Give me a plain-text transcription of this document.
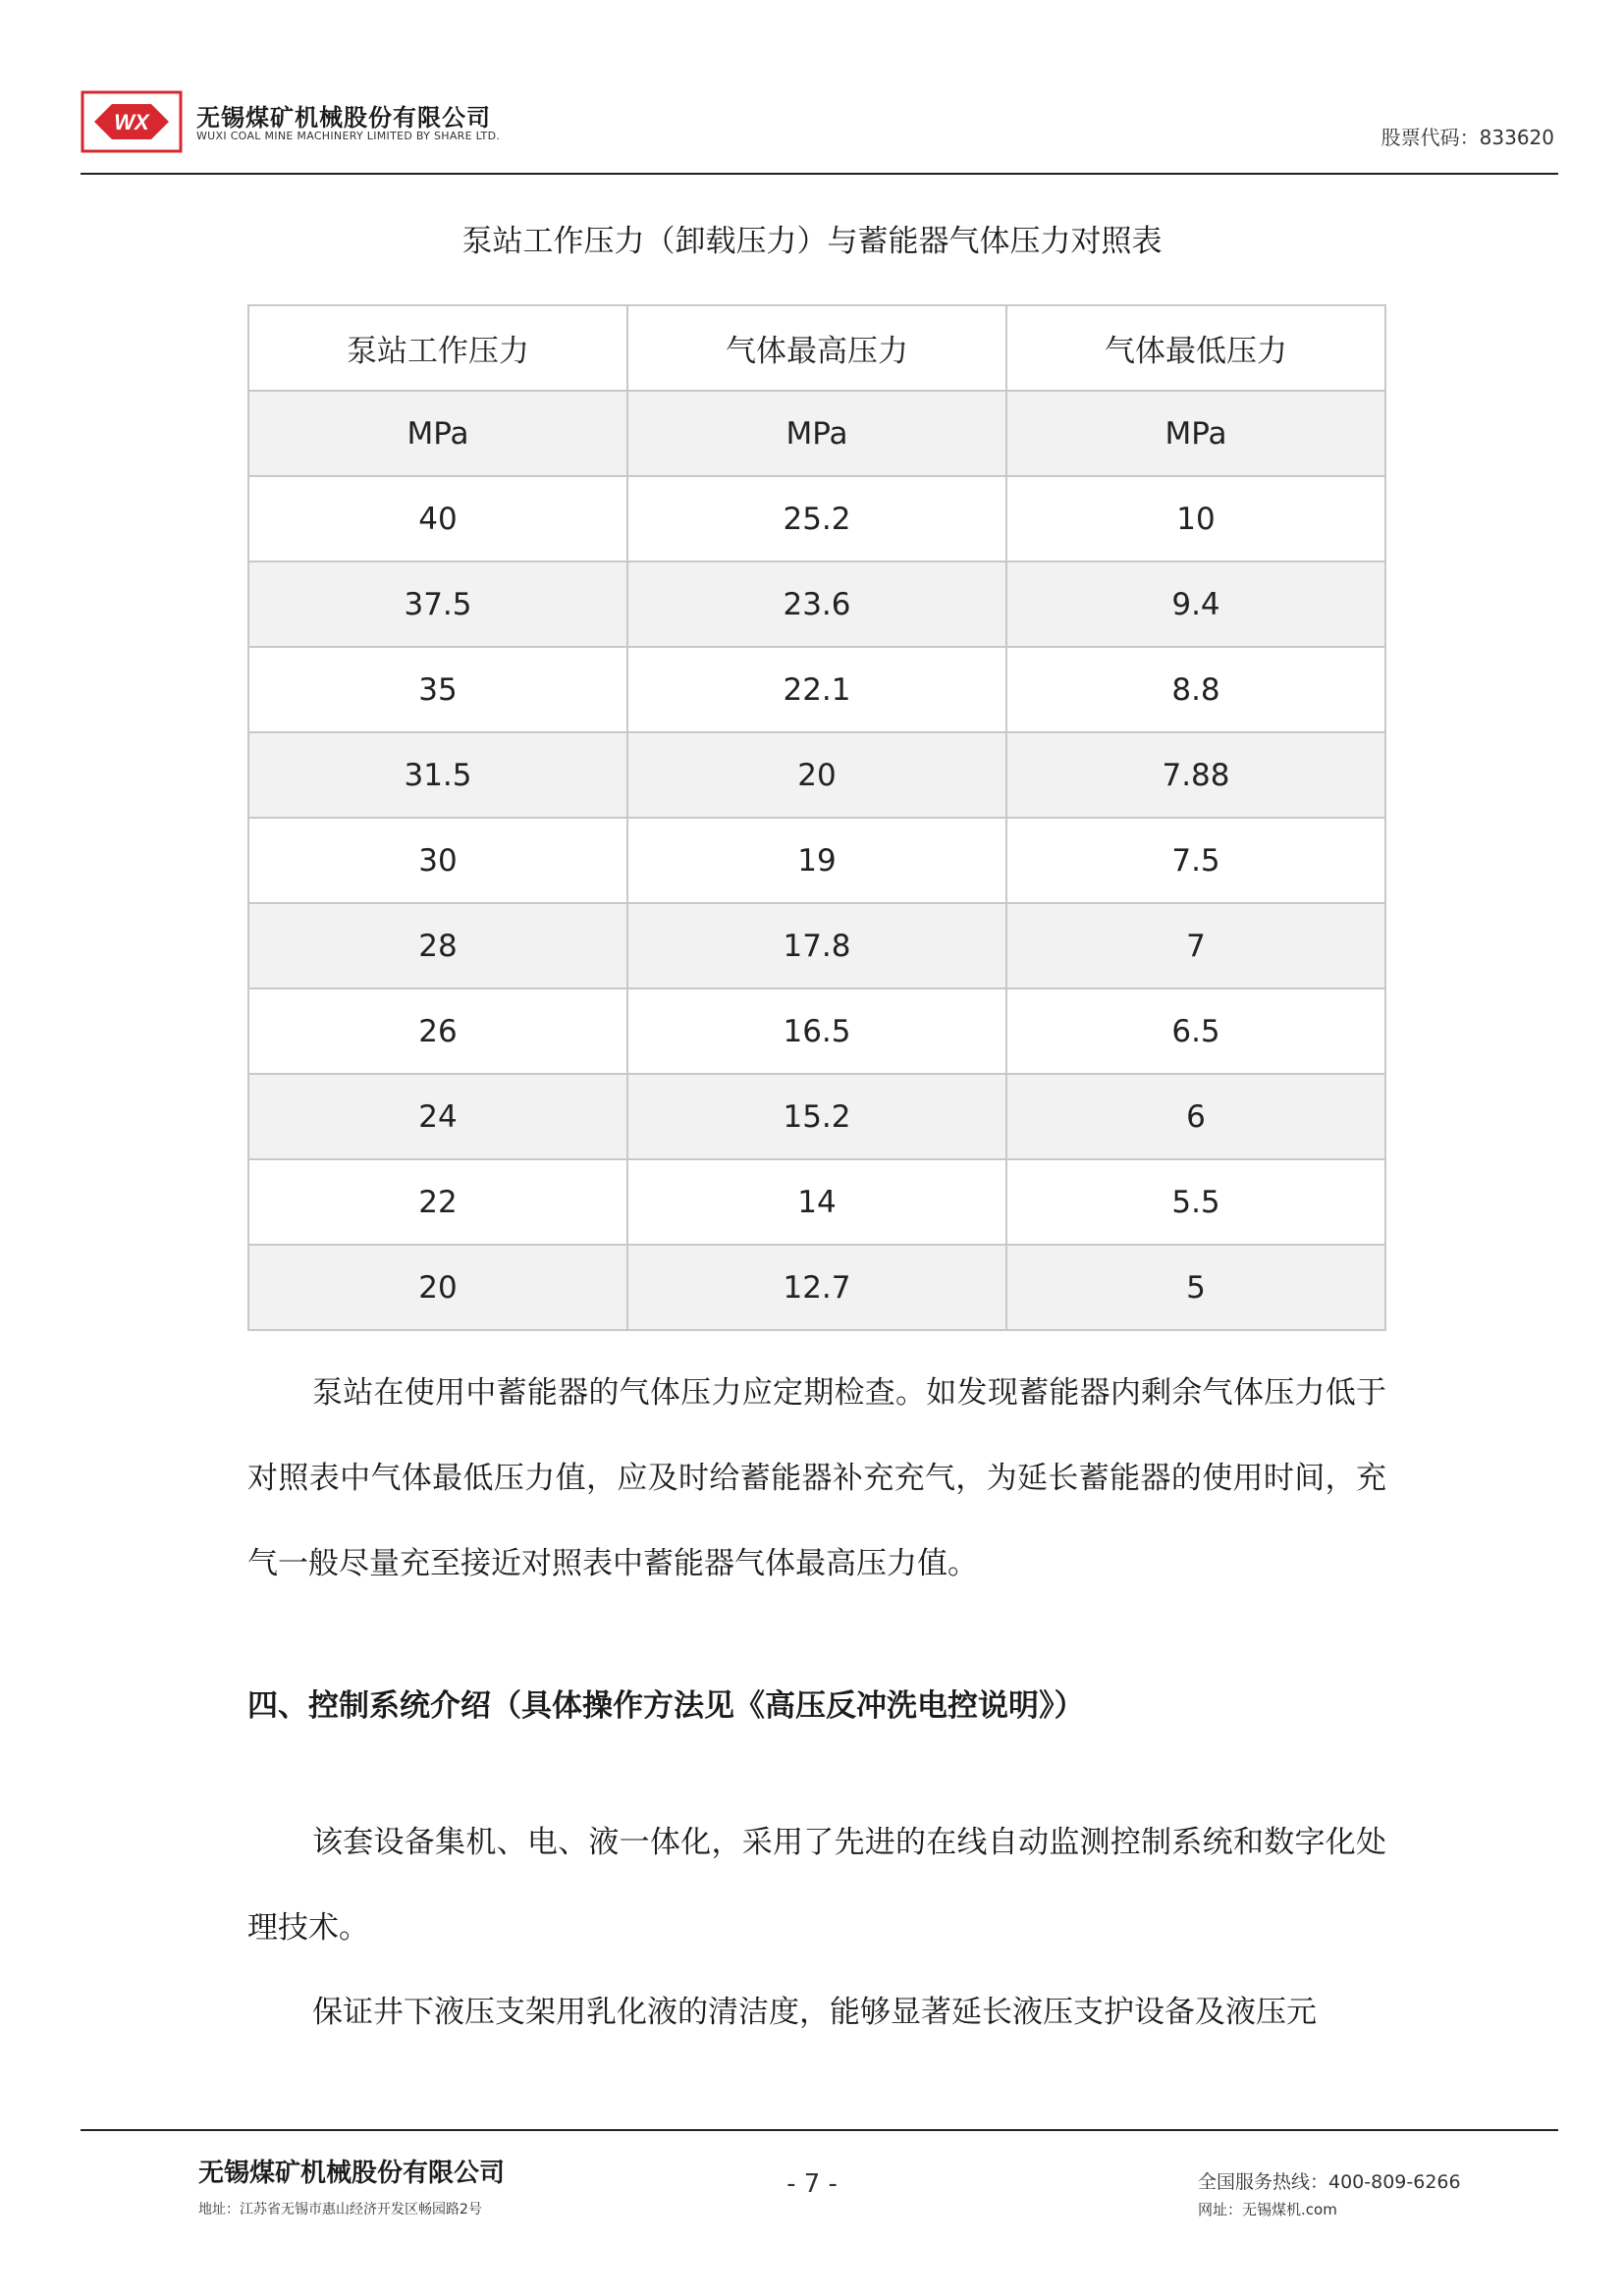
WX 无锡煤矿机械股份有限公司
WUXI COAL MINE MACHINERY LIMITED BY SHARE LTD.	股票代码：833620
泵站工作压力（卸载压力）与蓄能器气体压力对照表
泵站工作压力	气体最高压力	气体最低压力
MPa	MPa	MPa
40	25.2	10
37.5	23.6	9.4
35	22.1	8.8
31.5	20	7.88
30	19	7.5
28	17.8	7
26	16.5	6.5
24	15.2	6
22	14	5.5
20	12.7	5
泵站在使用中蓄能器的气体压力应定期检查。如发现蓄能器内剩余气体压力低于对照表中气体最低压力值，应及时给蓄能器补充充气，为延长蓄能器的使用时间，充气一般尽量充至接近对照表中蓄能器气体最高压力值。
四、控制系统介绍（具体操作方法见《高压反冲洗电控说明》）
该套设备集机、电、液一体化，采用了先进的在线自动监测控制系统和数字化处理技术。
保证井下液压支架用乳化液的清洁度，能够显著延长液压支护设备及液压元
无锡煤矿机械股份有限公司
地址：江苏省无锡市惠山经济开发区畅园路2号
- 7 -	全国服务热线：400-809-6266
网址：无锡煤机.com
